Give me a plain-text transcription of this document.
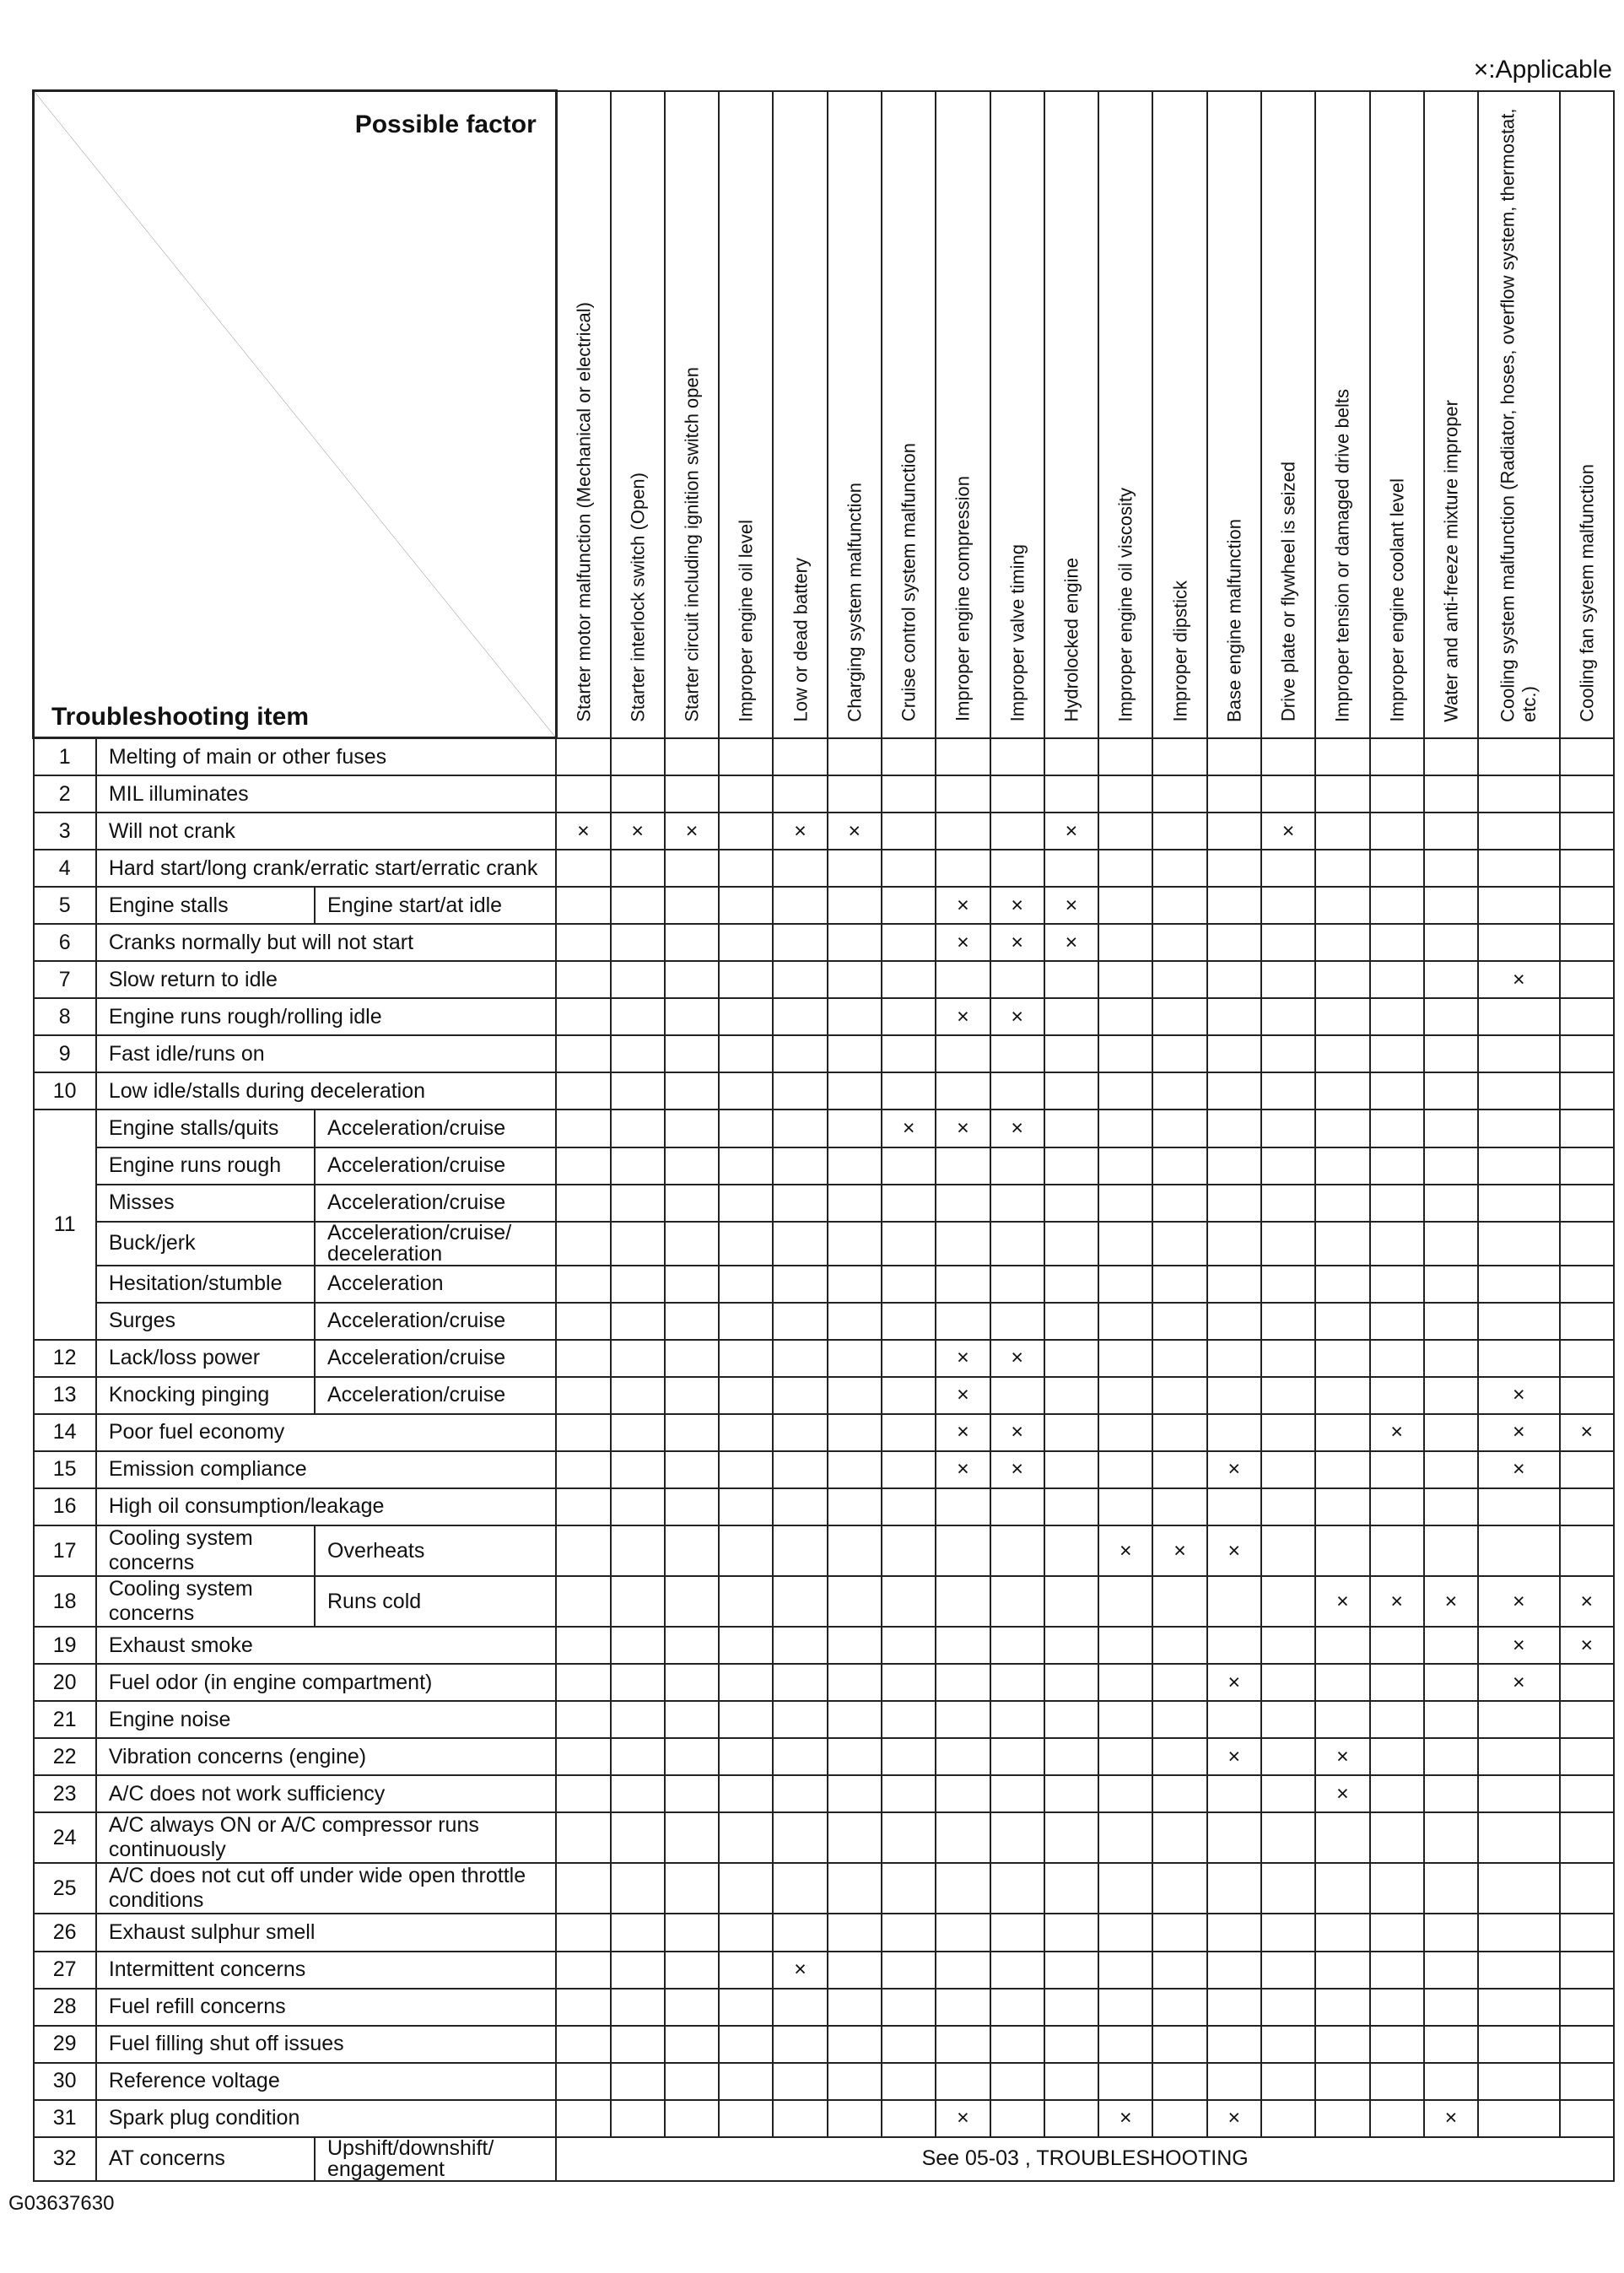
×:Applicable
Possible factor
Troubleshooting item			Starter motor malfunction (Mechanical or electrical)	Starter interlock switch (Open)	Starter circuit including ignition switch open	Improper engine oil level	Low or dead battery	Charging system malfunction	Cruise control system malfunction	Improper engine compression	Improper valve timing	Hydrolocked engine	Improper engine oil viscosity	Improper dipstick	Base engine malfunction	Drive plate or flywheel is seized	Improper tension or damaged drive belts	Improper engine coolant level	Water and anti-freeze mixture improper	Cooling system malfunction (Radiator, hoses, overflow system, thermostat, etc.)	Cooling fan system malfunction

1	Melting of main or other fuses																				
2	MIL illuminates																				
3	Will not crank		×	×	×		×	×				×				×					
4	Hard start/long crank/erratic start/erratic crank																				
5	Engine stalls	Engine start/at idle								×	×	×									
6	Cranks normally but will not start									×	×	×									
7	Slow return to idle																			×	
8	Engine runs rough/rolling idle									×	×										
9	Fast idle/runs on																				
10	Low idle/stalls during deceleration																				
11	Engine stalls/quits	Acceleration/cruise							×	×	×										
	Engine runs rough	Acceleration/cruise																			
	Misses	Acceleration/cruise																			
	Buck/jerk	Acceleration/cruise/ deceleration																			
	Hesitation/stumble	Acceleration																			
	Surges	Acceleration/cruise																			
12	Lack/loss power	Acceleration/cruise								×	×										
13	Knocking pinging	Acceleration/cruise								×										×	
14	Poor fuel economy									×	×							×		×	×
15	Emission compliance									×	×				×					×	
16	High oil consumption/leakage																				
17	Cooling system concerns	Overheats											×	×	×						
18	Cooling system concerns	Runs cold															×	×	×	×	×
19	Exhaust smoke																			×	×
20	Fuel odor (in engine compartment)														×					×	
21	Engine noise																				
22	Vibration concerns (engine)														×		×				
23	A/C does not work sufficiency																×				
24	A/C always ON or A/C compressor runs continuously																				
25	A/C does not cut off under wide open throttle conditions																				
26	Exhaust sulphur smell																				
27	Intermittent concerns						×														
28	Fuel refill concerns																				
29	Fuel filling shut off issues																				
30	Reference voltage																				
31	Spark plug condition									×			×		×				×		
32	AT concerns	Upshift/downshift/ engagement	See 05-03 , TROUBLESHOOTING																		
G03637630
